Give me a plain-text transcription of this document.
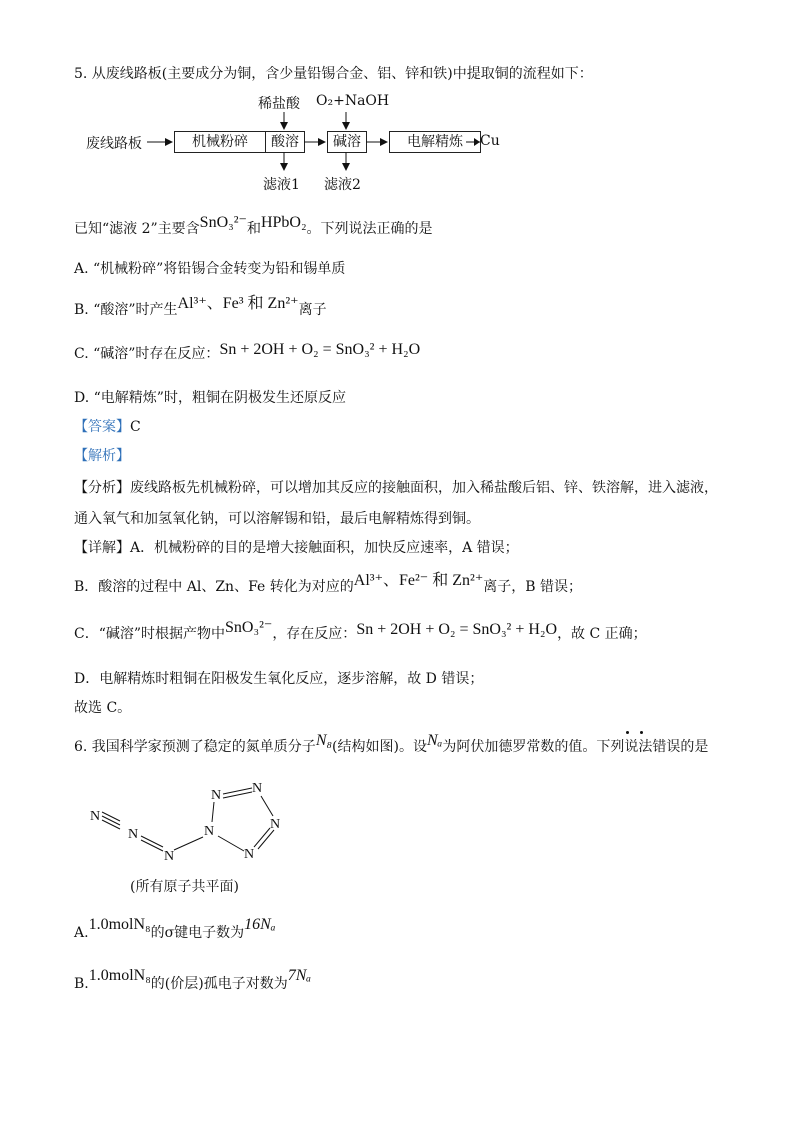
5. 从废线路板(主要成分为铜，含少量铅锡合金、铝、锌和铁)中提取铜的流程如下：
废线路板	机械粉碎	酸溶	碱溶	电解精炼	Cu
稀盐酸 O₂+NaOH
滤液1 滤液2
已知“滤液 2”主要含SnO₃²⁻和HPbO₂。下列说法正确的是
A. “机械粉碎”将铅锡合金转变为铅和锡单质
B. “酸溶”时产生Al³⁺、Fe³ 和 Zn²⁺离子
C. “碱溶”时存在反应：Sn + 2OH + O₂ = SnO₃² + H₂O
D. “电解精炼”时，粗铜在阴极发生还原反应
【答案】C
【解析】
【分析】废线路板先机械粉碎，可以增加其反应的接触面积，加入稀盐酸后铝、锌、铁溶解，进入滤液，
通入氧气和加氢氧化钠，可以溶解锡和铅，最后电解精炼得到铜。
【详解】A．机械粉碎的目的是增大接触面积，加快反应速率，A 错误；
B．酸溶的过程中 Al、Zn、Fe 转化为对应的Al³⁺、Fe²⁻ 和 Zn²⁺离子，B 错误；
C．“碱溶”时根据产物中SnO₃²⁻，存在反应：Sn + 2OH + O₂ = SnO₃² + H₂O，故 C 正确；
D．电解精炼时粗铜在阳极发生氧化反应，逐步溶解，故 D 错误；
故选 C。
6. 我国科学家预测了稳定的氮单质分子N₈(结构如图)。设Nₐ为阿伏加德罗常数的值。下列说法错误的是
N
N
N
N
N N
N
N
(所有原子共平面)
A.1.0molN₈的σ键电子数为16Nₐ
B.1.0molN₈的(价层)孤电子对数为7Nₐ
